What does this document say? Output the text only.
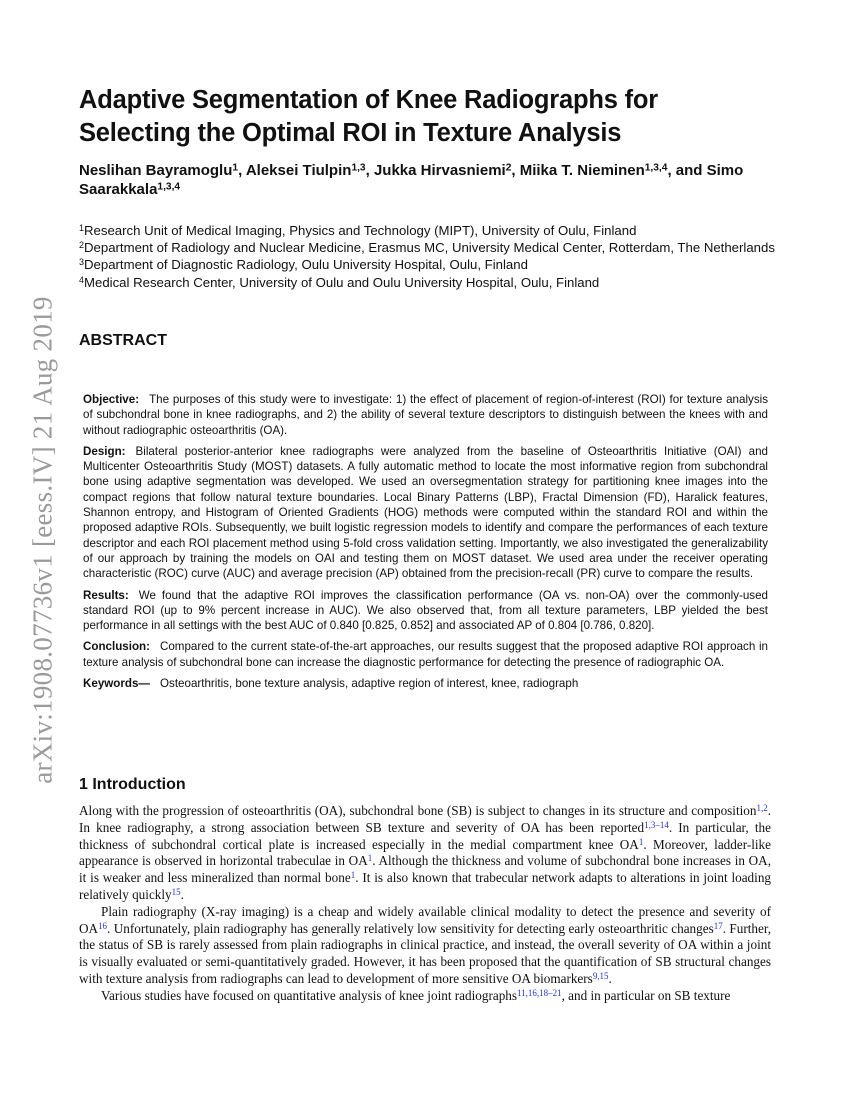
arXiv:1908.07736v1 [eess.IV] 21 Aug 2019
Adaptive Segmentation of Knee Radiographs for
Selecting the Optimal ROI in Texture Analysis
Neslihan Bayramoglu$^1$, Aleksei Tiulpin$^{1,3}$, Jukka Hirvasniemi$^2$, Miika T. Nieminen$^{1,3,4}$, and Simo Saarakkala$^{1,3,4}$
$^1$Research Unit of Medical Imaging, Physics and Technology (MIPT), University of Oulu, Finland
$^2$Department of Radiology and Nuclear Medicine, Erasmus MC, University Medical Center, Rotterdam, The Netherlands
$^3$Department of Diagnostic Radiology, Oulu University Hospital, Oulu, Finland
$^4$Medical Research Center, University of Oulu and Oulu University Hospital, Oulu, Finland
ABSTRACT

Objective: The purposes of this study were to investigate: 1) the effect of placement of region-of-interest (ROI) for texture analysis of subchondral bone in knee radiographs, and 2) the ability of several texture descriptors to distinguish between the knees with and without radiographic osteoarthritis (OA).

Design: Bilateral posterior-anterior knee radiographs were analyzed from the baseline of Osteoarthritis Initiative (OAI) and Multicenter Osteoarthritis Study (MOST) datasets. A fully automatic method to locate the most informative region from subchondral bone using adaptive segmentation was developed. We used an oversegmentation strategy for partitioning knee images into the compact regions that follow natural texture boundaries. Local Binary Patterns (LBP), Fractal Dimension (FD), Haralick features, Shannon entropy, and Histogram of Oriented Gradients (HOG) methods were computed within the standard ROI and within the proposed adaptive ROIs. Subsequently, we built logistic regression models to identify and compare the performances of each texture descriptor and each ROI placement method using 5-fold cross validation setting. Importantly, we also investigated the generalizability of our approach by training the models on OAI and testing them on MOST dataset. We used area under the receiver operating characteristic (ROC) curve (AUC) and average precision (AP) obtained from the precision-recall (PR) curve to compare the results.

Results: We found that the adaptive ROI improves the classification performance (OA vs. non-OA) over the commonly-used standard ROI (up to 9% percent increase in AUC). We also observed that, from all texture parameters, LBP yielded the best performance in all settings with the best AUC of 0.840 [0.825, 0.852] and associated AP of 0.804 [0.786, 0.820].

Conclusion: Compared to the current state-of-the-art approaches, our results suggest that the proposed adaptive ROI approach in texture analysis of subchondral bone can increase the diagnostic performance for detecting the presence of radiographic OA.

Keywords— Osteoarthritis, bone texture analysis, adaptive region of interest, knee, radiograph

1 Introduction

Along with the progression of osteoarthritis (OA), subchondral bone (SB) is subject to changes in its structure and composition$^{1,2}$. In knee radiography, a strong association between SB texture and severity of OA has been reported$^{1,3-14}$. In particular, the thickness of subchondral cortical plate is increased especially in the medial compartment knee OA$^1$. Moreover, ladder-like appearance is observed in horizontal trabeculae in OA$^1$. Although the thickness and volume of subchondral bone increases in OA, it is weaker and less mineralized than normal bone$^1$. It is also known that trabecular network adapts to alterations in joint loading relatively quickly$^{15}$.

Plain radiography (X-ray imaging) is a cheap and widely available clinical modality to detect the presence and severity of OA$^{16}$. Unfortunately, plain radiography has generally relatively low sensitivity for detecting early osteoarthritic changes$^{17}$. Further, the status of SB is rarely assessed from plain radiographs in clinical practice, and instead, the overall severity of OA within a joint is visually evaluated or semi-quantitatively graded. However, it has been proposed that the quantification of SB structural changes with texture analysis from radiographs can lead to development of more sensitive OA biomarkers$^{9,15}$.

Various studies have focused on quantitative analysis of knee joint radiographs$^{11,16,18-21}$, and in particular on SB texture
